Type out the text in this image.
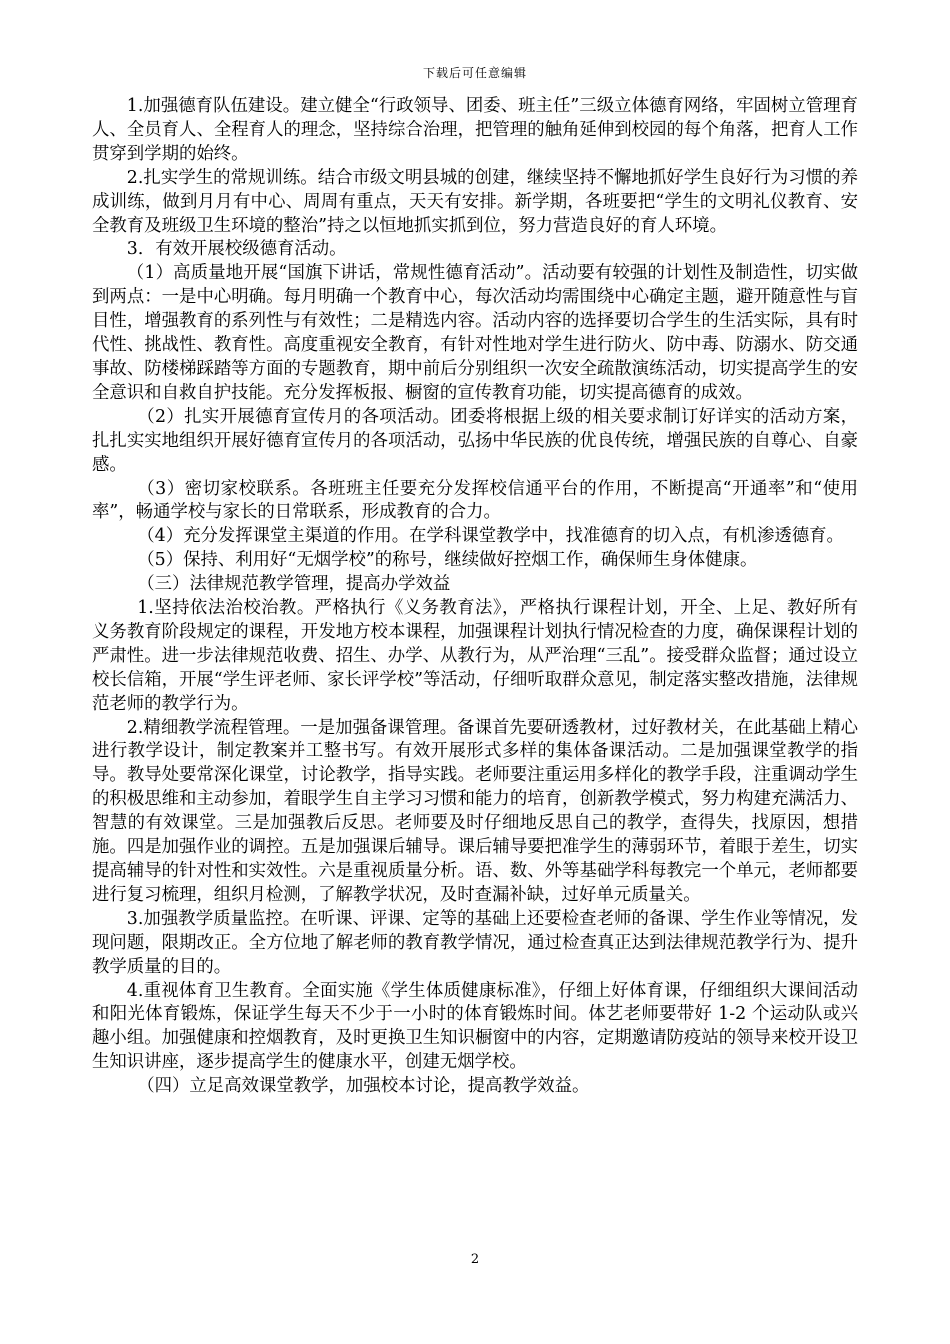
下载后可任意编辑

1.加强德育队伍建设。建立健全“行政领导、团委、班主任”三级立体德育网络，牢固树立管理育人、全员育人、全程育人的理念，坚持综合治理，把管理的触角延伸到校园的每个角落，把育人工作贯穿到学期的始终。

2.扎实学生的常规训练。结合市级文明县城的创建，继续坚持不懈地抓好学生良好行为习惯的养成训练，做到月月有中心、周周有重点，天天有安排。新学期，各班要把“学生的文明礼仪教育、安全教育及班级卫生环境的整治”持之以恒地抓实抓到位，努力营造良好的育人环境。

3．有效开展校级德育活动。

（1）高质量地开展“国旗下讲话，常规性德育活动”。活动要有较强的计划性及制造性，切实做到两点：一是中心明确。每月明确一个教育中心，每次活动均需围绕中心确定主题，避开随意性与盲目性，增强教育的系列性与有效性；二是精选内容。活动内容的选择要切合学生的生活实际，具有时代性、挑战性、教育性。高度重视安全教育，有针对性地对学生进行防火、防中毒、防溺水、防交通事故、防楼梯踩踏等方面的专题教育，期中前后分别组织一次安全疏散演练活动，切实提高学生的安全意识和自救自护技能。充分发挥板报、橱窗的宣传教育功能，切实提高德育的成效。

（2）扎实开展德育宣传月的各项活动。团委将根据上级的相关要求制订好详实的活动方案，扎扎实实地组织开展好德育宣传月的各项活动，弘扬中华民族的优良传统，增强民族的自尊心、自豪感。

（3）密切家校联系。各班班主任要充分发挥校信通平台的作用，不断提高“开通率”和“使用率”，畅通学校与家长的日常联系，形成教育的合力。

（4）充分发挥课堂主渠道的作用。在学科课堂教学中，找准德育的切入点，有机渗透德育。

（5）保持、利用好“无烟学校”的称号，继续做好控烟工作，确保师生身体健康。

（三）法律规范教学管理，提高办学效益

1.坚持依法治校治教。严格执行《义务教育法》，严格执行课程计划，开全、上足、教好所有义务教育阶段规定的课程，开发地方校本课程，加强课程计划执行情况检查的力度，确保课程计划的严肃性。进一步法律规范收费、招生、办学、从教行为，从严治理“三乱”。接受群众监督；通过设立校长信箱，开展“学生评老师、家长评学校”等活动，仔细听取群众意见，制定落实整改措施，法律规范老师的教学行为。

2.精细教学流程管理。一是加强备课管理。备课首先要研透教材，过好教材关，在此基础上精心进行教学设计，制定教案并工整书写。有效开展形式多样的集体备课活动。二是加强课堂教学的指导。教导处要常深化课堂，讨论教学，指导实践。老师要注重运用多样化的教学手段，注重调动学生的积极思维和主动参加，着眼学生自主学习习惯和能力的培育，创新教学模式，努力构建充满活力、智慧的有效课堂。三是加强教后反思。老师要及时仔细地反思自己的教学，查得失，找原因，想措施。四是加强作业的调控。五是加强课后辅导。课后辅导要把准学生的薄弱环节，着眼于差生，切实提高辅导的针对性和实效性。六是重视质量分析。语、数、外等基础学科每教完一个单元，老师都要进行复习梳理，组织月检测，了解教学状况，及时查漏补缺，过好单元质量关。

3.加强教学质量监控。在听课、评课、定等的基础上还要检查老师的备课、学生作业等情况，发现问题，限期改正。全方位地了解老师的教育教学情况，通过检查真正达到法律规范教学行为、提升教学质量的目的。

4.重视体育卫生教育。全面实施《学生体质健康标准》，仔细上好体育课，仔细组织大课间活动和阳光体育锻炼，保证学生每天不少于一小时的体育锻炼时间。体艺老师要带好 1-2 个运动队或兴趣小组。加强健康和控烟教育，及时更换卫生知识橱窗中的内容，定期邀请防疫站的领导来校开设卫生知识讲座，逐步提高学生的健康水平，创建无烟学校。

（四）立足高效课堂教学，加强校本讨论，提高教学效益。

2
